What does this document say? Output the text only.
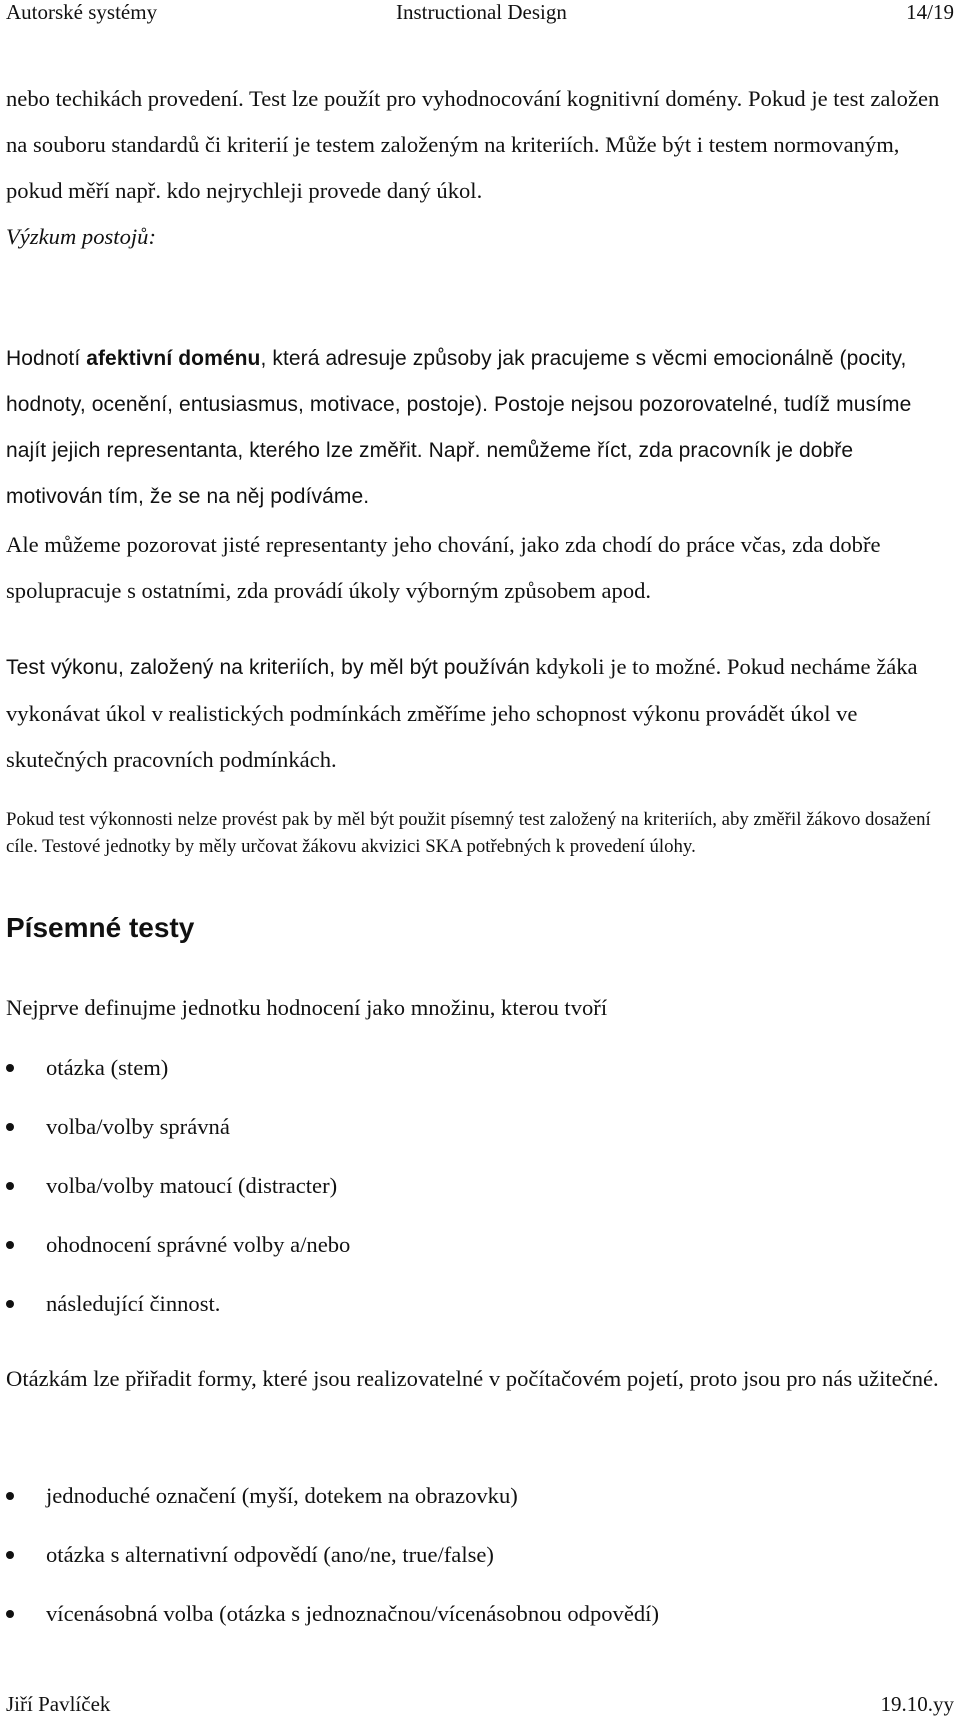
Autorské systémy	Instructional Design	14/19

nebo techikách provedení. Test lze použít pro vyhodnocování kognitivní domény. Pokud je test založen na souboru standardů či kriterií je testem založeným na kriteriích. Může být i testem normovaným, pokud měří např. kdo nejrychleji provede daný úkol.
Výzkum postojů:

Hodnotí afektivní doménu, která adresuje způsoby jak pracujeme s věcmi emocionálně (pocity, hodnoty, ocenění, entusiasmus, motivace, postoje). Postoje nejsou pozorovatelné, tudíž musíme najít jejich representanta, kterého lze změřit. Např. nemůžeme říct, zda pracovník je dobře motivován tím, že se na něj podíváme.

Ale můžeme pozorovat jisté representanty jeho chování, jako zda chodí do práce včas, zda dobře spolupracuje s ostatními, zda provádí úkoly výborným způsobem apod.

Test výkonu, založený na kriteriích, by měl být používán kdykoli je to možné. Pokud necháme žáka vykonávat úkol v realistických podmínkách změříme jeho schopnost výkonu provádět úkol ve skutečných pracovních podmínkách.

Pokud test výkonnosti nelze provést pak by měl být použit písemný test založený na kriteriích, aby změřil žákovo dosažení cíle. Testové jednotky by měly určovat žákovu akvizici SKA potřebných k provedení úlohy.

Písemné testy

Nejprve definujme jednotku hodnocení jako množinu, kterou tvoří

otázka (stem)
volba/volby správná
volba/volby matoucí (distracter)
ohodnocení správné volby a/nebo
následující činnost.

Otázkám lze přiřadit formy, které jsou realizovatelné v počítačovém pojetí, proto jsou pro nás užitečné.

jednoduché označení (myší, dotekem na obrazovku)
otázka s alternativní odpovědí (ano/ne, true/false)
vícenásobná volba (otázka s jednoznačnou/vícenásobnou odpovědí)
Jiří Pavlíček	19.10.yy
